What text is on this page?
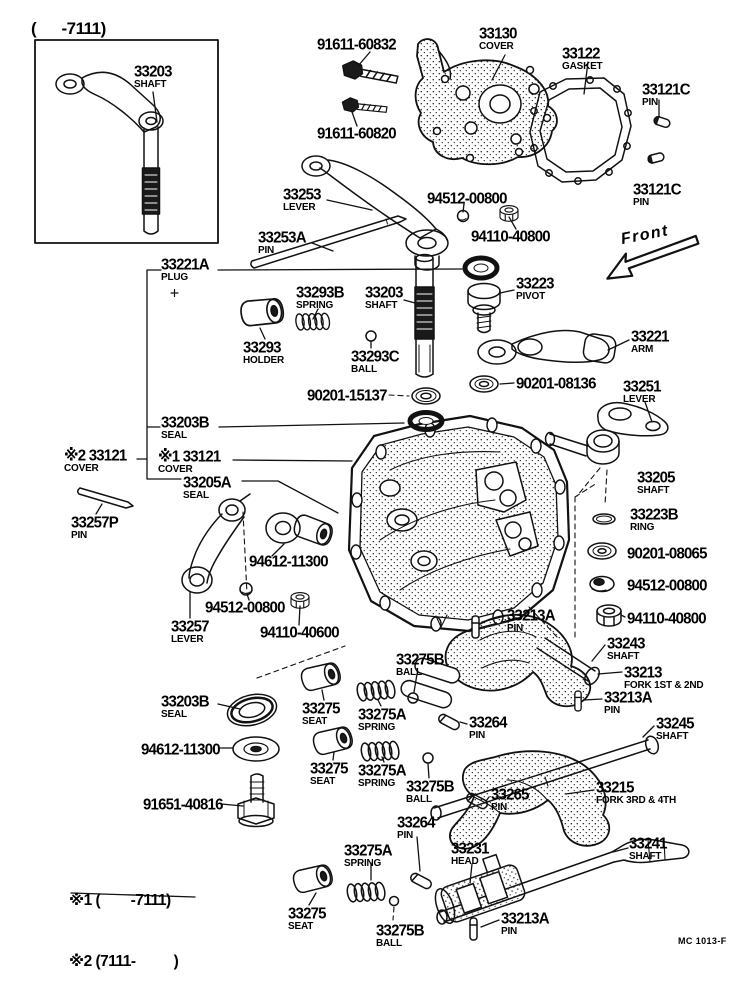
33203
SHAFT
91611-60832
33130
COVER	33122
GASKET
33121C
PIN
91611-60820
33121C
PIN
33253
LEVER	94512-00800
94110-40800
33253A
PIN
33221A
PLUG
33293B
SPRING
33203
SHAFT
33223
PIVOT
33293
HOLDER	33293C
BALL
33221
ARM
90201-08136 33251
LEVER
90201-15137
33203B
SEAL
※2 33121
COVER
※1 33121
COVER
33205A
SEAL
33205
SHAFT
33223B
RING
33257P
PIN
90201-08065
94612-11300
94512-00800
94512-00800	33213A
PIN
94110-40800
33257
LEVER	94110-40600
33243
SHAFT
33275B
BALL	33213
FORK 1ST & 2ND
33213A
PIN
33203B
SEAL	33275
SEAT	33275A
SPRING	33264
PIN
33245
SHAFT
94612-11300
33275
SEAT
33275A
SPRING 33275B
BALL	33265
PIN
33215
FORK 3RD & 4TH
91651-40816
33264
PIN
33275A
SPRING
33231
HEAD
33241
SHAFT
33275
SEAT	33213A
PIN
33275B
BALL
(      -7111)
Front

※1 (        -7111)

※2 (7111-          )

MC 1013-F
